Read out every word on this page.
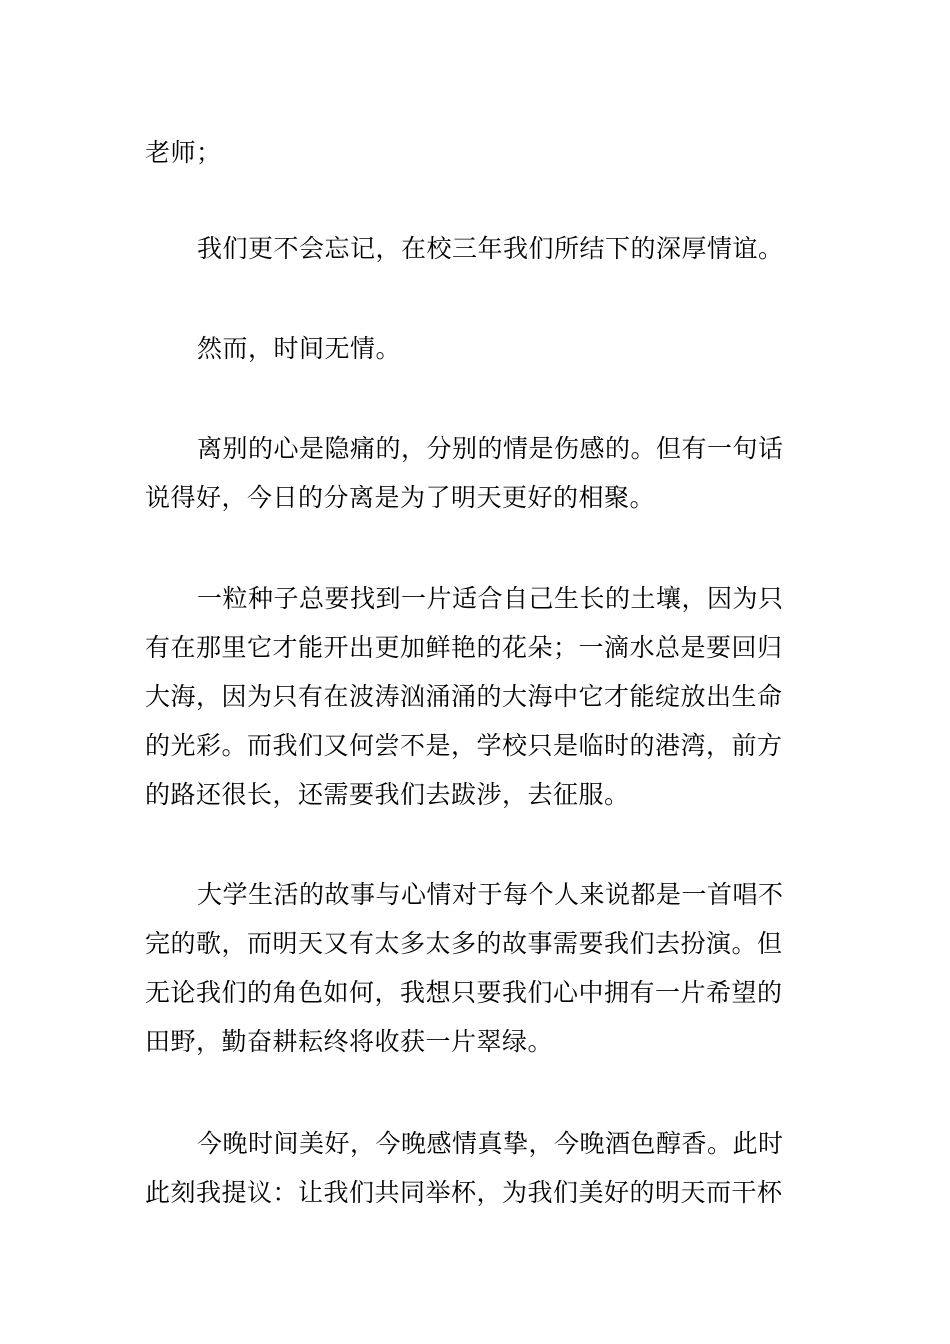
老师；

我们更不会忘记，在校三年我们所结下的深厚情谊。

然而，时间无情。

离别的心是隐痛的，分别的情是伤感的。但有一句话
说得好，今日的分离是为了明天更好的相聚。

一粒种子总要找到一片适合自己生长的土壤，因为只
有在那里它才能开出更加鲜艳的花朵；一滴水总是要回归
大海，因为只有在波涛汹涌涌的大海中它才能绽放出生命
的光彩。而我们又何尝不是，学校只是临时的港湾，前方
的路还很长，还需要我们去跋涉，去征服。

大学生活的故事与心情对于每个人来说都是一首唱不
完的歌，而明天又有太多太多的故事需要我们去扮演。但
无论我们的角色如何，我想只要我们心中拥有一片希望的
田野，勤奋耕耘终将收获一片翠绿。

今晚时间美好，今晚感情真挚，今晚酒色醇香。此时
此刻我提议：让我们共同举杯，为我们美好的明天而干杯
